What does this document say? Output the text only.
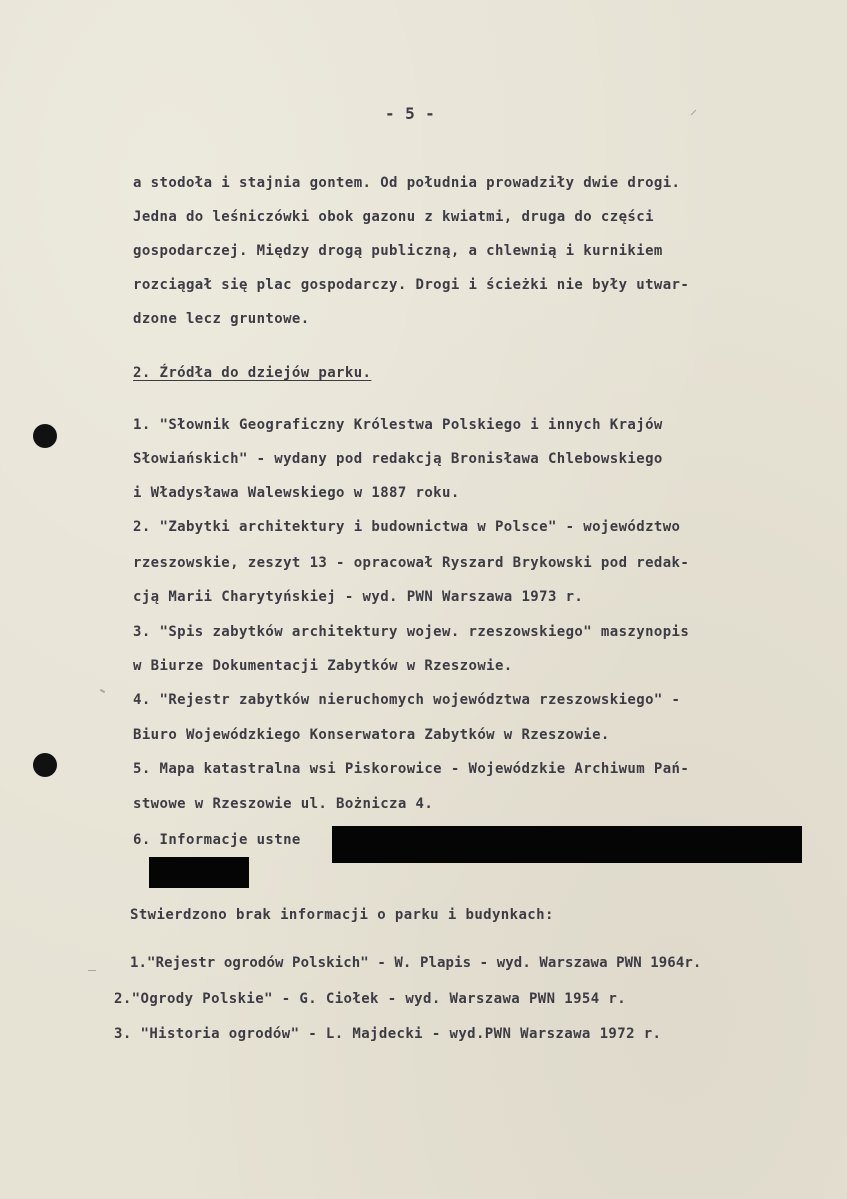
- 5 -
a stodoła i stajnia gontem. Od południa prowadziły dwie drogi.
Jedna do leśniczówki obok gazonu z kwiatmi, druga do części
gospodarczej. Między drogą publiczną, a chlewnią i kurnikiem
rozciągał się plac gospodarczy. Drogi i ścieżki nie były utwar-
dzone lecz gruntowe.
2. Źródła do dziejów parku.
1. "Słownik Geograficzny Królestwa Polskiego i innych Krajów
Słowiańskich" - wydany pod redakcją Bronisława Chlebowskiego
i Władysława Walewskiego w 1887 roku.
2. "Zabytki architektury i budownictwa w Polsce" - województwo
rzeszowskie, zeszyt 13 - opracował Ryszard Brykowski pod redak-
cją Marii Charytyńskiej - wyd. PWN Warszawa 1973 r.
3. "Spis zabytków architektury wojew. rzeszowskiego" maszynopis
w Biurze Dokumentacji Zabytków w Rzeszowie.
4. "Rejestr zabytków nieruchomych województwa rzeszowskiego" -
Biuro Wojewódzkiego Konserwatora Zabytków w Rzeszowie.
5. Mapa katastralna wsi Piskorowice - Wojewódzkie Archiwum Pań-
stwowe w Rzeszowie ul. Bożnicza 4.
6. Informacje ustne
Stwierdzono brak informacji o parku i budynkach:
1."Rejestr ogrodów Polskich" - W. Plapis - wyd. Warszawa PWN 1964r.
2."Ogrody Polskie" - G. Ciołek - wyd. Warszawa PWN 1954 r.
3. "Historia ogrodów" - L. Majdecki - wyd.PWN Warszawa 1972 r.
